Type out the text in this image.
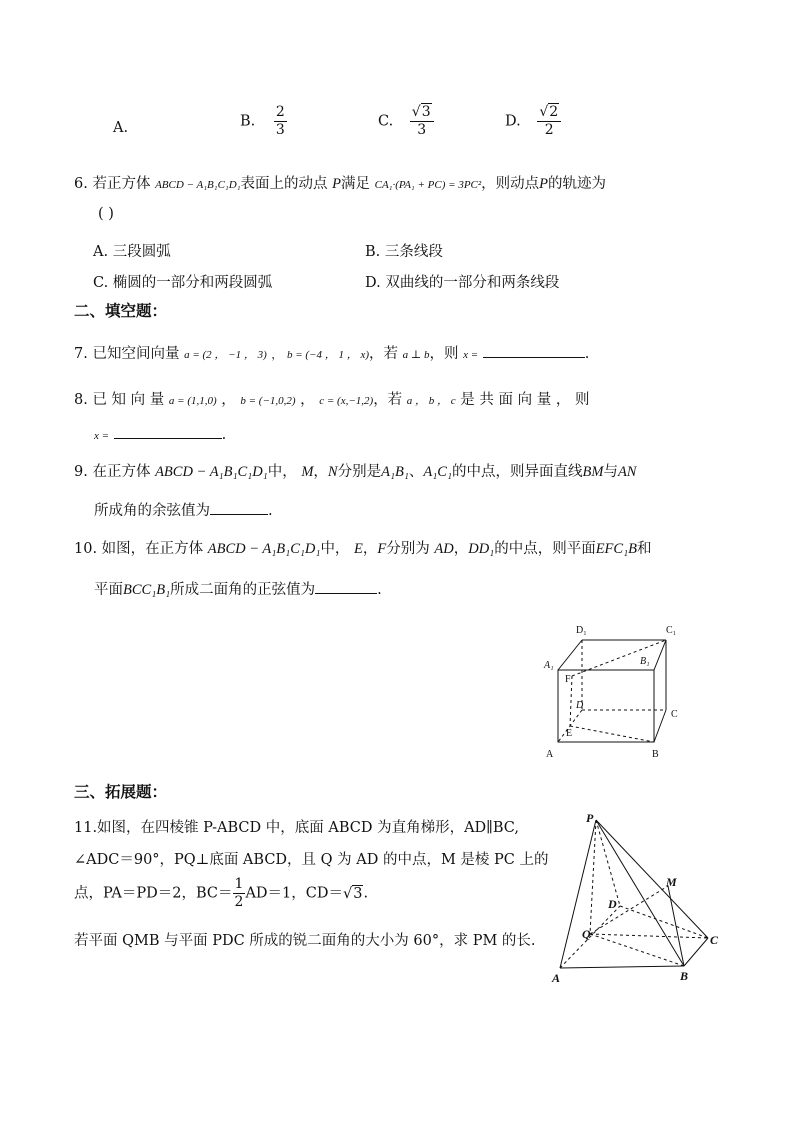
A.	B. $\frac{2}{3}$	C. $\frac{√3}{3}$	D. $\frac{√2}{2}$
6. 若正方体 ABCD − A₁B₁C₁D₁表面上的动点 P满足 CA₁·(PA₁ + PC) = 3PC²，则动点P的轨迹为
( )
A. 三段圆弧	B. 三条线段
C. 椭圆的一部分和两段圆弧	D. 双曲线的一部分和两条线段
二、填空题：
7. 已知空间向量 a = (2 ， −1 ， 3) ， b = (−4 ， 1 ， x)，若 a ⊥ b，则 x =	.
8. 已 知 向 量 a = (1,1,0) ， b = (−1,0,2) ， c = (x,−1,2)，若 a ， b ， c 是 共 面 向 量 ， 则
x =	.
9. 在正方体 ABCD − A₁B₁C₁D₁中， M，N分别是A₁B₁、A₁C₁的中点，则异面直线BM与AN
所成角的余弦值为	.
10. 如图，在正方体 ABCD − A₁B₁C₁D₁中， E，F分别为 AD，DD₁的中点，则平面EFC₁B和
平面BCC₁B₁所成二面角的正弦值为	.
D₁	C₁
A₁	B₁
F
D
C
E
A	B
三、拓展题：
11.如图，在四棱锥 P-ABCD 中，底面 ABCD 为直角梯形，AD∥BC,
∠ADC＝90°，PQ⊥底面 ABCD，且 Q 为 AD 的中点，M 是棱 PC 上的
点，PA＝PD＝2，$BC= \frac{1}{2} AD=1$，CD＝√3.
若平面 QMB 与平面 PDC 所成的锐二面角的大小为 60°，求 PM 的长.
P
M
D
Q	C
A	B
